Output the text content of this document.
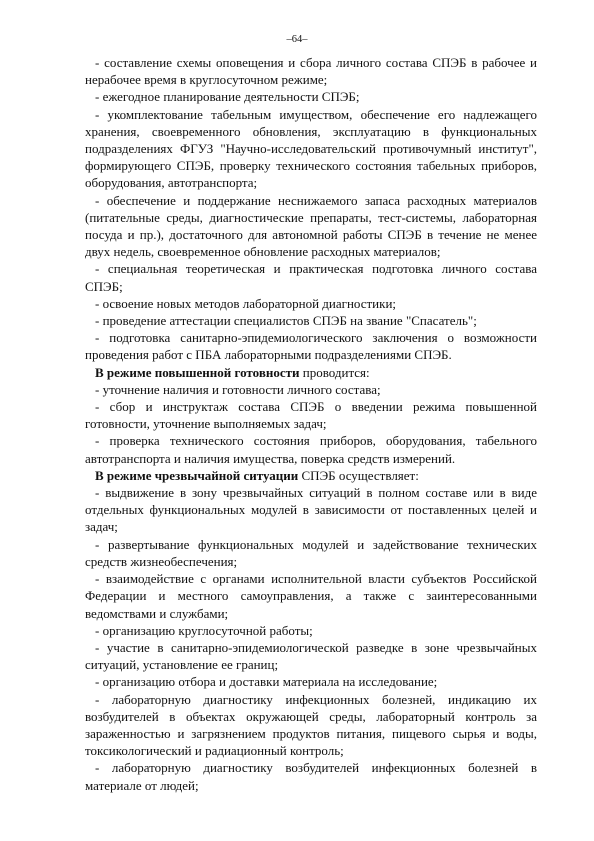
–64–

- составление схемы оповещения и сбора личного состава СПЭБ в рабочее и нерабочее время в круглосуточном режиме;

- ежегодное планирование деятельности СПЭБ;

- укомплектование табельным имуществом, обеспечение его надлежащего хранения, своевременного обновления, эксплуатацию в функциональных подразделениях ФГУЗ "Научно-исследовательский противочумный институт", формирующего СПЭБ, проверку технического состояния табельных приборов, оборудования, автотранспорта;

- обеспечение и поддержание неснижаемого запаса расходных материалов (питательные среды, диагностические препараты, тест-системы, лабораторная посуда и пр.), достаточного для автономной работы СПЭБ в течение не менее двух недель, своевременное обновление расходных материалов;

- специальная теоретическая и практическая подготовка личного состава СПЭБ;

- освоение новых методов лабораторной диагностики;

- проведение аттестации специалистов СПЭБ на звание "Спасатель";

- подготовка санитарно-эпидемиологического заключения о возможности проведения работ с ПБА лабораторными подразделениями СПЭБ.

В режиме повышенной готовности проводится:

- уточнение наличия и готовности личного состава;

- сбор и инструктаж состава СПЭБ о введении режима повышенной готовности, уточнение выполняемых задач;

- проверка технического состояния приборов, оборудования, табельного автотранспорта и наличия имущества, поверка средств измерений.

В режиме чрезвычайной ситуации СПЭБ осуществляет:

- выдвижение в зону чрезвычайных ситуаций в полном составе или в виде отдельных функциональных модулей в зависимости от поставленных целей и задач;

- развертывание функциональных модулей и задействование технических средств жизнеобеспечения;

- взаимодействие с органами исполнительной власти субъектов Российской Федерации и местного самоуправления, а также с заинтересованными ведомствами и службами;

- организацию круглосуточной работы;

- участие в санитарно-эпидемиологической разведке в зоне чрезвычайных ситуаций, установление ее границ;

- организацию отбора и доставки материала на исследование;

- лабораторную диагностику инфекционных болезней, индикацию их возбудителей в объектах окружающей среды, лабораторный контроль за зараженностью и загрязнением продуктов питания, пищевого сырья и воды, токсикологический и радиационный контроль;

- лабораторную диагностику возбудителей инфекционных болезней в материале от людей;
